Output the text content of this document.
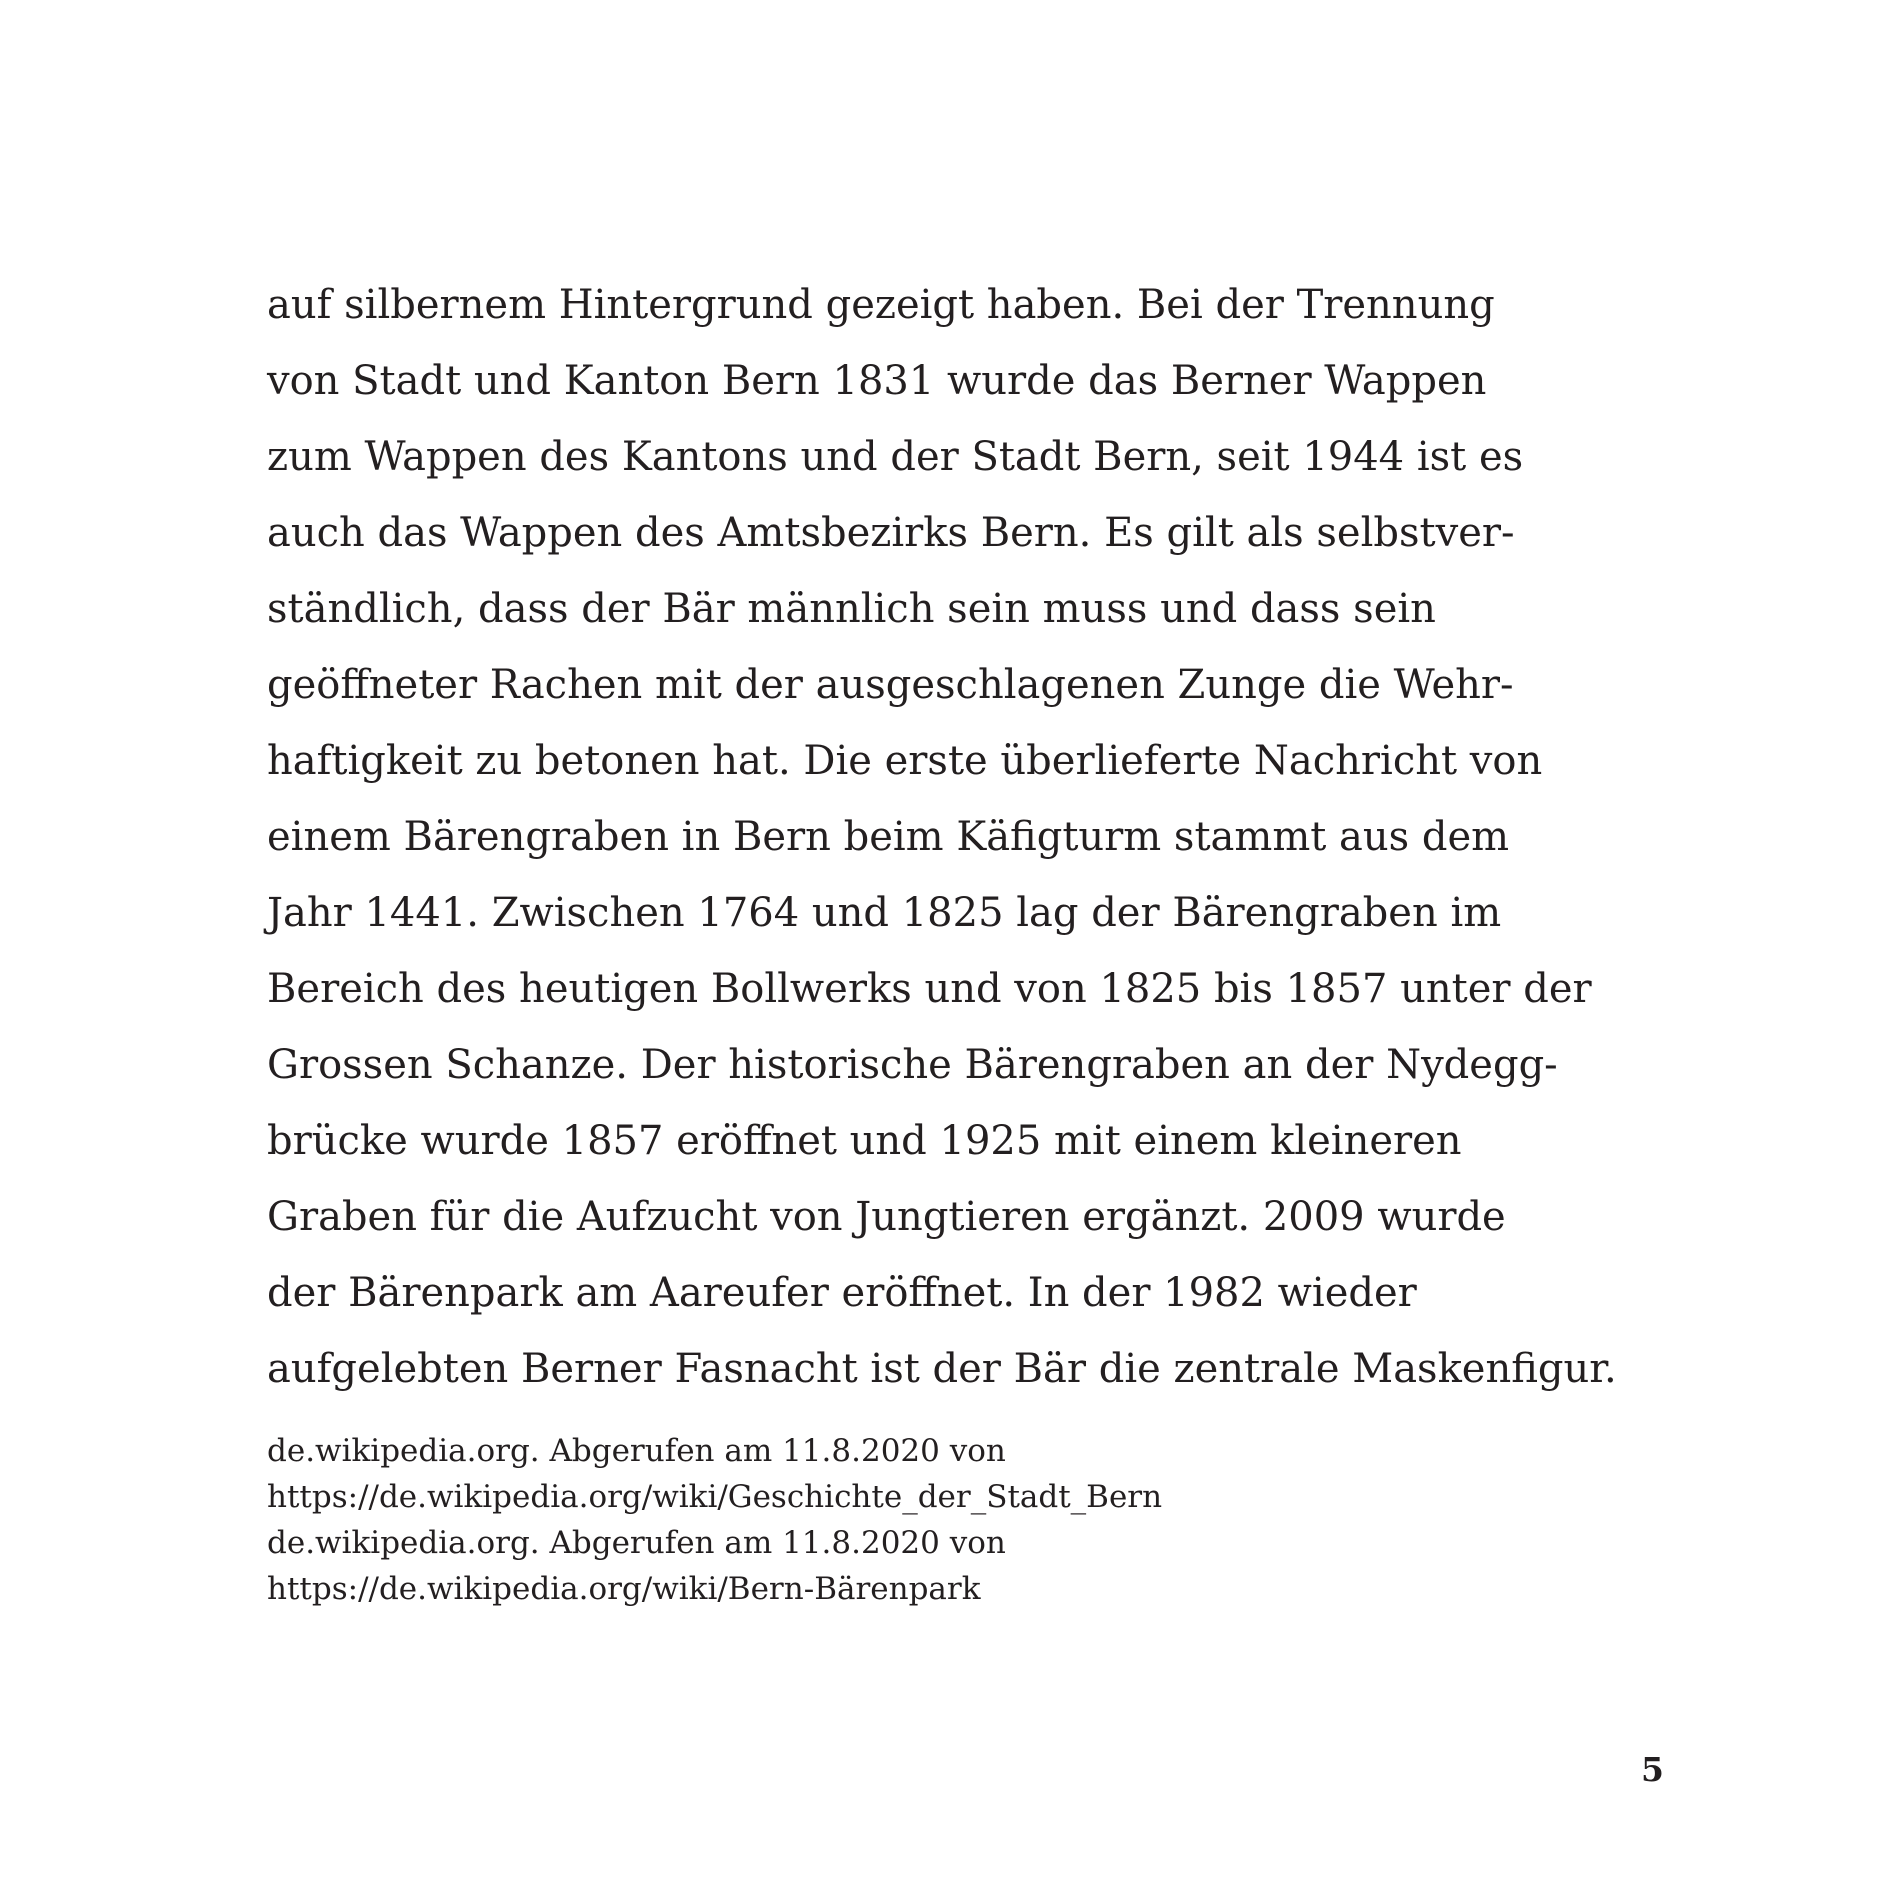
auf silbernem Hintergrund gezeigt haben. Bei der Trennung
von Stadt und Kanton Bern 1831 wurde das Berner Wappen
zum Wappen des Kantons und der Stadt Bern, seit 1944 ist es
auch das Wappen des Amtsbezirks Bern. Es gilt als selbstver-
ständlich, dass der Bär männlich sein muss und dass sein
geöffneter Rachen mit der ausgeschlagenen Zunge die Wehr-
haftigkeit zu betonen hat. Die erste überlieferte Nachricht von
einem Bärengraben in Bern beim Käfigturm stammt aus dem
Jahr 1441. Zwischen 1764 und 1825 lag der Bärengraben im
Bereich des heutigen Bollwerks und von 1825 bis 1857 unter der
Grossen Schanze. Der historische Bärengraben an der Nydegg-
brücke wurde 1857 eröffnet und 1925 mit einem kleineren
Graben für die Aufzucht von Jungtieren ergänzt. 2009 wurde
der Bärenpark am Aareufer eröffnet. In der 1982 wieder
aufgelebten Berner Fasnacht ist der Bär die zentrale Maskenfigur.

de.wikipedia.org. Abgerufen am 11.8.2020 von
https://de.wikipedia.org/wiki/Geschichte_der_Stadt_Bern
de.wikipedia.org. Abgerufen am 11.8.2020 von
https://de.wikipedia.org/wiki/Bern-Bärenpark
5
